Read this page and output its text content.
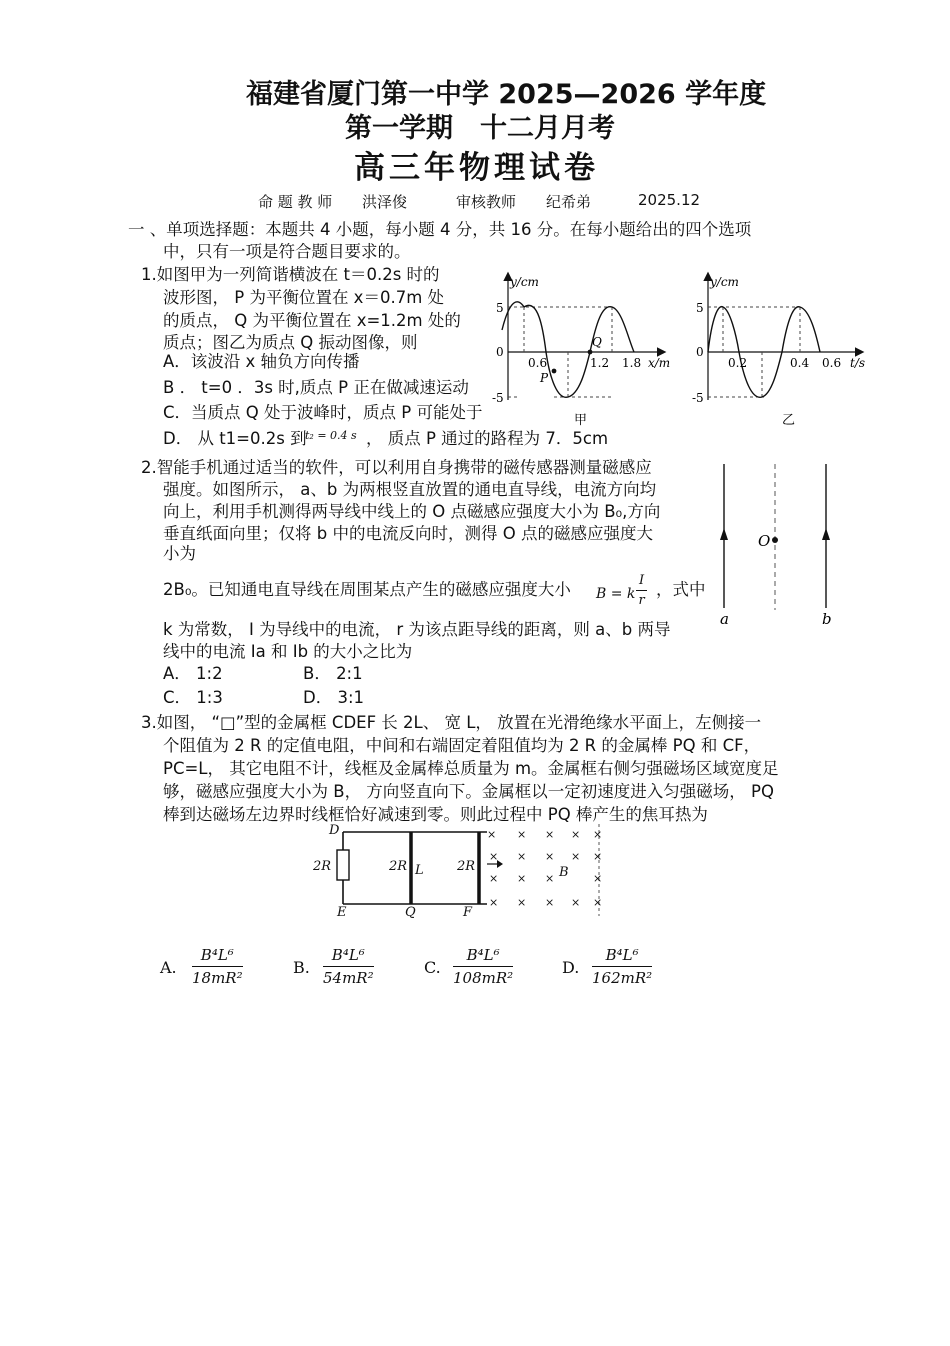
福建省厦门第一中学 2025—2026 学年度
第一学期　十二月月考
高三年物理试卷
命 题 教 师 洪泽俊	审核教师 纪希弟	2025.12
一 、单项选择题：本题共 4 小题，每小题 4 分，共 16 分。在每小题给出的四个选项
中，只有一项是符合题目要求的。
1.如图甲为一列简谐横波在 t＝0.2s 时的
波形图， P 为平衡位置在 x＝0.7m 处
的质点， Q 为平衡位置在 x=1.2m 处的
质点；图乙为质点 Q 振动图像，则
A．该波沿 x 轴负方向传播
B ． t=0 ．3s 时,质点 P 正在做减速运动
C．当质点 Q 处于波峰时，质点 P 可能处于
D． 从 t1=0.2s 到
t₂ = 0.4 s ， 质点 P 通过的路程为 7．5cm
y/cm
5
0
-5
0.6	1.2 1.8 x/m
P
Q
甲
y/cm
5
0
-5
0.2	0.4 0.6 t/s
乙
2.智能手机通过适当的软件，可以利用自身携带的磁传感器测量磁感应
强度。如图所示， a、b 为两根竖直放置的通电直导线，电流方向均
向上，利用手机测得两导线中线上的 O 点磁感应强度大小为 B₀,方向
垂直纸面向里；仅将 b 中的电流反向时，测得 O 点的磁感应强度大
小为
2B₀。已知通电直导线在周围某点产生的磁感应强度大小 B = k $\frac{I}{r}$ ，式中
k 为常数， I 为导线中的电流， r 为该点距导线的距离，则 a、b 两导
线中的电流 Ia 和 Ib 的大小之比为
A． 1:2	B． 2:1
C． 1:3	D． 3:1
O
a	b
3.如图， “□”型的金属框 CDEF 长 2L、 宽 L， 放置在光滑绝缘水平面上，左侧接一
个阻值为 2 R 的定值电阻，中间和右端固定着阻值均为 2 R 的金属棒 PQ 和 CF，
PC=L， 其它电阻不计，线框及金属棒总质量为 m。金属框右侧匀强磁场区域宽度足
够，磁感应强度大小为 B， 方向竖直向下。金属框以一定初速度进入匀强磁场， PQ
棒到达磁场左边界时线框恰好减速到零。则此过程中 PQ 棒产生的焦耳热为
× × × × ×
× × × × ×
× × ×	×
× × × × ×
D
E	Q	F
L	B
2R	2R	2R
A. $\frac{\text{B⁴L⁶}}{\text{18mR²}}$	B. $\frac{\text{B⁴L⁶}}{\text{54mR²}}$	C. $\frac{\text{B⁴L⁶}}{\text{108mR²}}$	D. $\frac{\text{B⁴L⁶}}{\text{162mR²}}$
